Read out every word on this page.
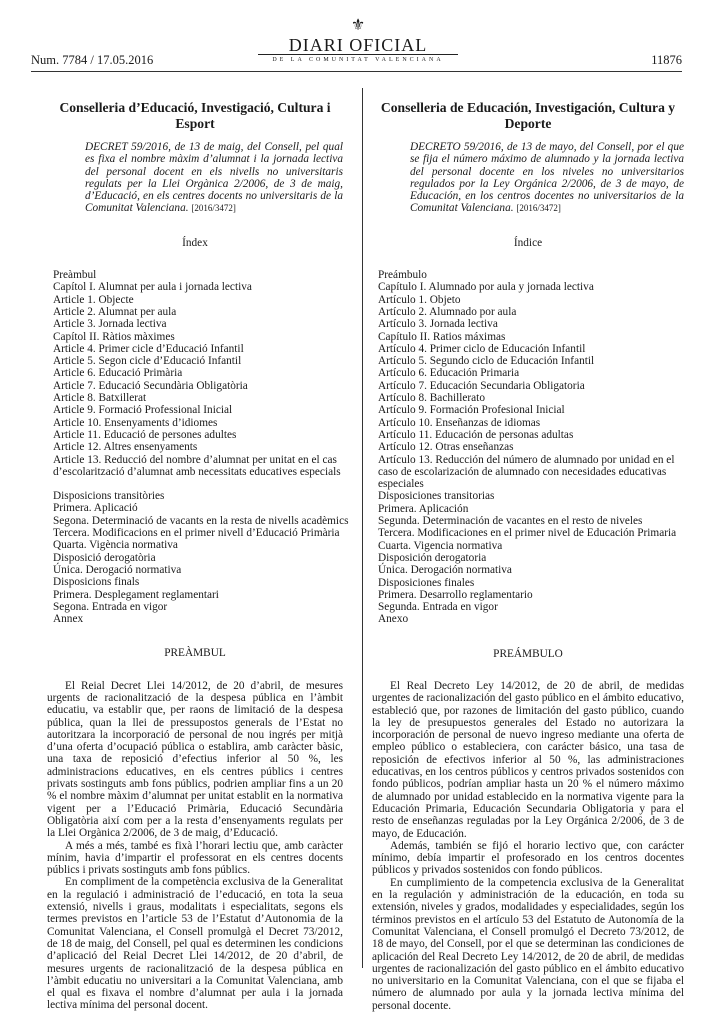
Num. 7784 / 17.05.2016
⚜
DIARI OFICIAL
DE LA COMUNITAT VALENCIANA	11876
Conselleria d’Educació, Investigació, Cultura i Esport
DECRET 59/2016, de 13 de maig, del Consell, pel qual es fixa el nombre màxim d’alumnat i la jornada lectiva del personal docent en els nivells no universitaris regulats per la Llei Orgànica 2/2006, de 3 de maig, d’Educació, en els centres docents no universitaris de la Comunitat Valenciana. [2016/3472]
Índex
Preàmbul
Capítol I. Alumnat per aula i jornada lectiva
Article 1. Objecte
Article 2. Alumnat per aula
Article 3. Jornada lectiva
Capítol II. Ràtios màximes
Article 4. Primer cicle d’Educació Infantil
Article 5. Segon cicle d’Educació Infantil
Article 6. Educació Primària
Article 7. Educació Secundària Obligatòria
Article 8. Batxillerat
Article 9. Formació Professional Inicial
Article 10. Ensenyaments d’idiomes
Article 11. Educació de persones adultes
Article 12. Altres ensenyaments
Article 13. Reducció del nombre d’alumnat per unitat en el cas d’escolarització d’alumnat amb necessitats educatives especials
Disposicions transitòries
Primera. Aplicació
Segona. Determinació de vacants en la resta de nivells acadèmics
Tercera. Modificacions en el primer nivell d’Educació Primària
Quarta. Vigència normativa
Disposició derogatòria
Única. Derogació normativa
Disposicions finals
Primera. Desplegament reglamentari
Segona. Entrada en vigor
Annex
PREÀMBUL
El Reial Decret Llei 14/2012, de 20 d’abril, de mesures urgents de racionalització de la despesa pública en l’àmbit educatiu, va establir que, per raons de limitació de la despesa pública, quan la llei de pressupostos generals de l’Estat no autoritzara la incorporació de personal de nou ingrés per mitjà d’una oferta d’ocupació pública o establira, amb caràcter bàsic, una taxa de reposició d’efectius inferior al 50 %, les administracions educatives, en els centres públics i centres privats sostinguts amb fons públics, podrien ampliar fins a un 20 % el nombre màxim d’alumnat per unitat establit en la normativa vigent per a l’Educació Primària, Educació Secundària Obligatòria així com per a la resta d’ensenyaments regulats per la Llei Orgànica 2/2006, de 3 de maig, d’Educació.
A més a més, també es fixà l’horari lectiu que, amb caràcter mínim, havia d’impartir el professorat en els centres docents públics i privats sostinguts amb fons públics.
En compliment de la competència exclusiva de la Generalitat en la regulació i administració de l’educació, en tota la seua extensió, nivells i graus, modalitats i especialitats, segons els termes previstos en l’article 53 de l’Estatut d’Autonomia de la Comunitat Valenciana, el Consell promulgà el Decret 73/2012, de 18 de maig, del Consell, pel qual es determinen les condicions d’aplicació del Reial Decret Llei 14/2012, de 20 d’abril, de mesures urgents de racionalització de la despesa pública en l’àmbit educatiu no universitari a la Comunitat Valenciana, amb el qual es fixava el nombre d’alumnat per aula i la jornada lectiva mínima del personal docent.
Conselleria de Educación, Investigación, Cultura y Deporte
DECRETO 59/2016, de 13 de mayo, del Consell, por el que se fija el número máximo de alumnado y la jornada lectiva del personal docente en los niveles no universitarios regulados por la Ley Orgánica 2/2006, de 3 de mayo, de Educación, en los centros docentes no universitarios de la Comunitat Valenciana. [2016/3472]
Índice
Preámbulo
Capítulo I. Alumnado por aula y jornada lectiva
Artículo 1. Objeto
Artículo 2. Alumnado por aula
Artículo 3. Jornada lectiva
Capítulo II. Ratios máximas
Artículo 4. Primer ciclo de Educación Infantil
Artículo 5. Segundo ciclo de Educación Infantil
Artículo 6. Educación Primaria
Artículo 7. Educación Secundaria Obligatoria
Artículo 8. Bachillerato
Artículo 9. Formación Profesional Inicial
Artículo 10. Enseñanzas de idiomas
Artículo 11. Educación de personas adultas
Artículo 12. Otras enseñanzas
Artículo 13. Reducción del número de alumnado por unidad en el caso de escolarización de alumnado con necesidades educativas especiales
Disposiciones transitorias
Primera. Aplicación
Segunda. Determinación de vacantes en el resto de niveles
Tercera. Modificaciones en el primer nivel de Educación Primaria
Cuarta. Vigencia normativa
Disposición derogatoria
Única. Derogación normativa
Disposiciones finales
Primera. Desarrollo reglamentario
Segunda. Entrada en vigor
Anexo
PREÁMBULO
El Real Decreto Ley 14/2012, de 20 de abril, de medidas urgentes de racionalización del gasto público en el ámbito educativo, estableció que, por razones de limitación del gasto público, cuando la ley de presupuestos generales del Estado no autorizara la incorporación de personal de nuevo ingreso mediante una oferta de empleo público o estableciera, con carácter básico, una tasa de reposición de efectivos inferior al 50 %, las administraciones educativas, en los centros públicos y centros privados sostenidos con fondo públicos, podrían ampliar hasta un 20 % el número máximo de alumnado por unidad establecido en la normativa vigente para la Educación Primaria, Educación Secundaria Obligatoria y para el resto de enseñanzas reguladas por la Ley Orgánica 2/2006, de 3 de mayo, de Educación.
Además, también se fijó el horario lectivo que, con carácter mínimo, debía impartir el profesorado en los centros docentes públicos y privados sostenidos con fondo públicos.
En cumplimiento de la competencia exclusiva de la Generalitat en la regulación y administración de la educación, en toda su extensión, niveles y grados, modalidades y especialidades, según los términos previstos en el artículo 53 del Estatuto de Autonomía de la Comunitat Valenciana, el Consell promulgó el Decreto 73/2012, de 18 de mayo, del Consell, por el que se determinan las condiciones de aplicación del Real Decreto Ley 14/2012, de 20 de abril, de medidas urgentes de racionalización del gasto público en el ámbito educativo no universitario en la Comunitat Valenciana, con el que se fijaba el número de alumnado por aula y la jornada lectiva mínima del personal docente.
